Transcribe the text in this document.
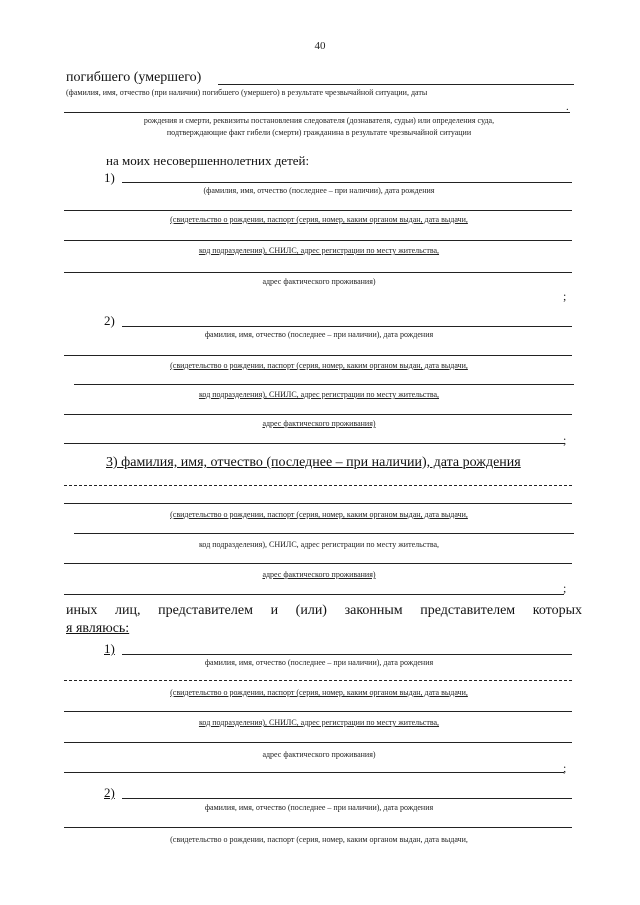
40
погибшего (умершего)
(фамилия, имя, отчество (при наличии) погибшего (умершего) в результате чрезвычайной ситуации, даты
.
рождения и смерти, реквизиты постановления следователя (дознавателя, судьи) или определения суда,
подтверждающие факт гибели (смерти) гражданина в результате чрезвычайной ситуации
на моих несовершеннолетних детей:
1)
(фамилия, имя, отчество (последнее – при наличии), дата рождения
(свидетельство о рождении, паспорт (серия, номер, каким органом выдан, дата выдачи,
код подразделения), СНИЛС, адрес регистрации по месту жительства,
адрес фактического проживания)
;
2)
фамилия, имя, отчество (последнее – при наличии), дата рождения
(свидетельство о рождении, паспорт (серия, номер, каким органом выдан, дата выдачи,
код подразделения), СНИЛС, адрес регистрации по месту жительства,
адрес фактического проживания)
;
3) фамилия, имя, отчество (последнее – при наличии), дата рождения
(свидетельство о рождении, паспорт (серия, номер, каким органом выдан, дата выдачи,
код подразделения), СНИЛС, адрес регистрации по месту жительства,
адрес фактического проживания)
;
иных лиц, представителем и (или) законным представителем которых
я являюсь:
1)
фамилия, имя, отчество (последнее – при наличии), дата рождения
(свидетельство о рождении, паспорт (серия, номер, каким органом выдан, дата выдачи,
код подразделения), СНИЛС, адрес регистрации по месту жительства,
адрес фактического проживания)
;
2)
фамилия, имя, отчество (последнее – при наличии), дата рождения
(свидетельство о рождении, паспорт (серия, номер, каким органом выдан, дата выдачи,
